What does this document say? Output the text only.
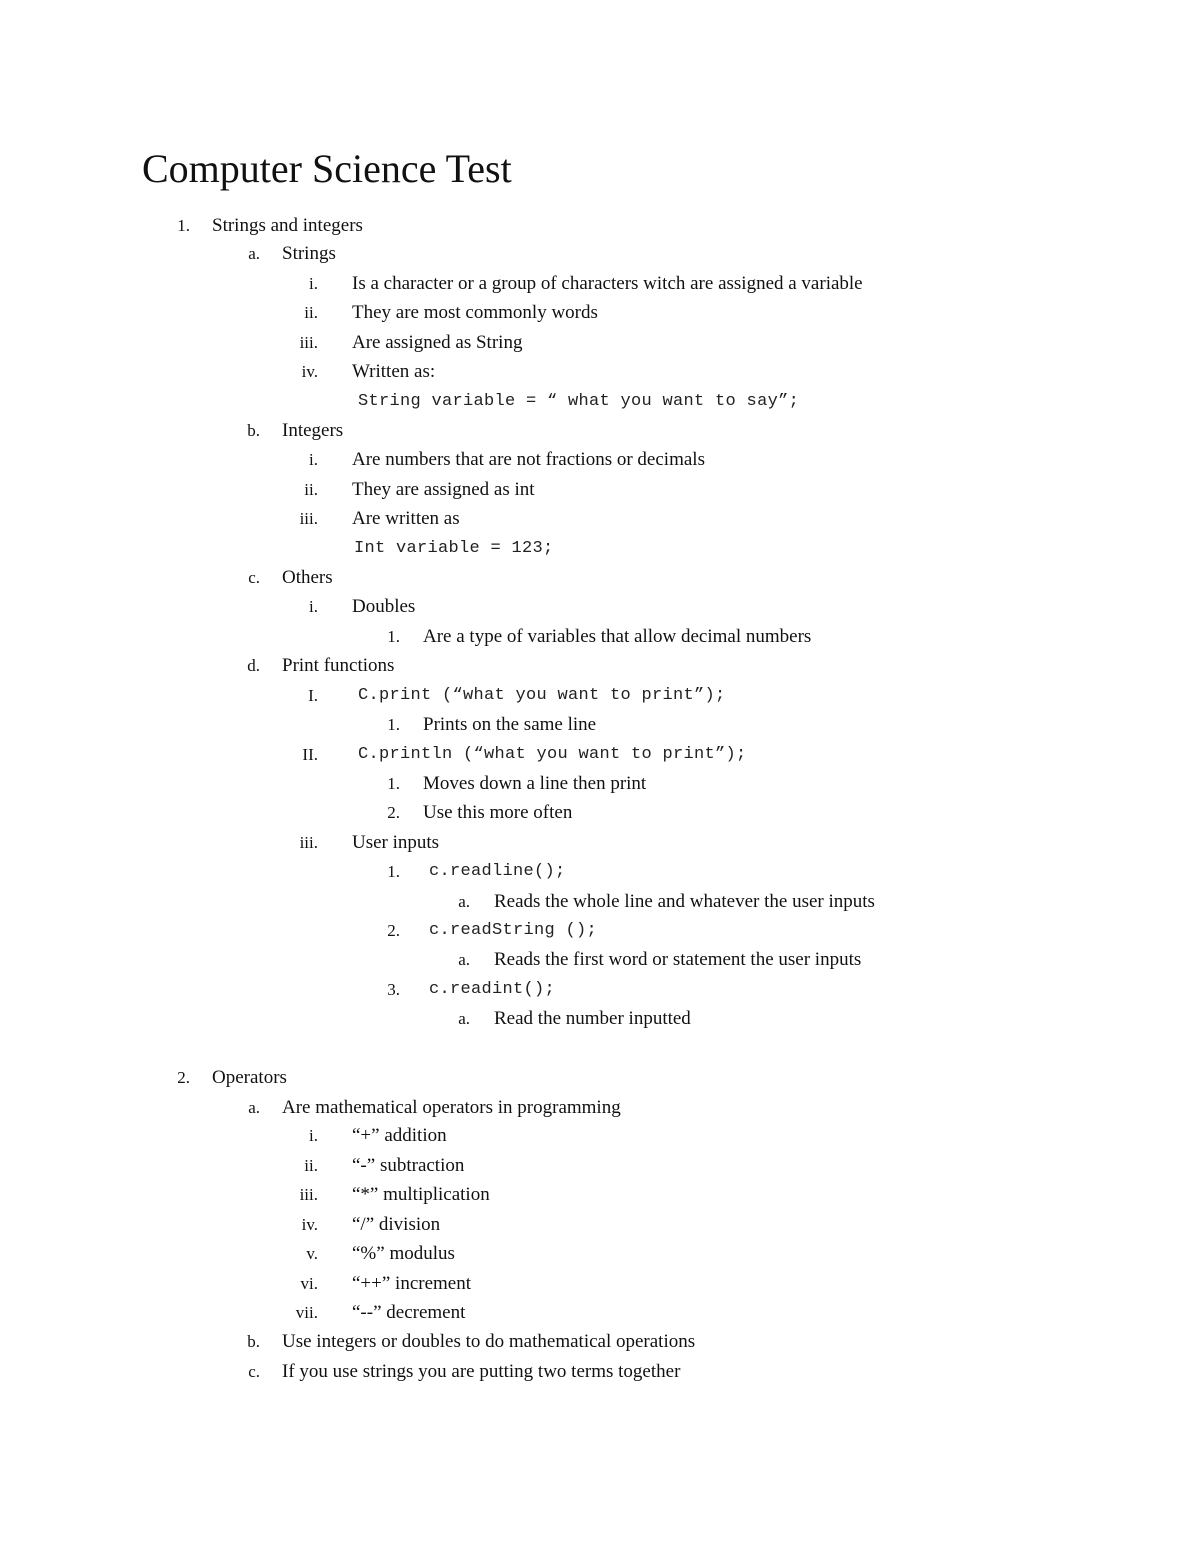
Computer Science Test
1. Strings and integers
a. Strings
i. Is a character or a group of characters witch are assigned a variable
ii. They are most commonly words
iii. Are assigned as String
iv. Written as:
String variable = “ what you want to say”;
b. Integers
i. Are numbers that are not fractions or decimals
ii. They are assigned as int
iii. Are written as
Int variable = 123;
c. Others
i. Doubles
1. Are a type of variables that allow decimal numbers
d. Print functions
I. C.print (“what you want to print”);
1. Prints on the same line
II. C.println (“what you want to print”);
1. Moves down a line then print
2. Use this more often
iii. User inputs
1. c.readline();
a. Reads the whole line and whatever the user inputs
2. c.readString ();
a. Reads the first word or statement the user inputs
3. c.readint();
a. Read the number inputted
2. Operators
a. Are mathematical operators in programming
i. “+” addition
ii. “-” subtraction
iii. “*” multiplication
iv. “/” division
v. “%” modulus
vi. “++” increment
vii. “--” decrement
b. Use integers or doubles to do mathematical operations
c. If you use strings you are putting two terms together
